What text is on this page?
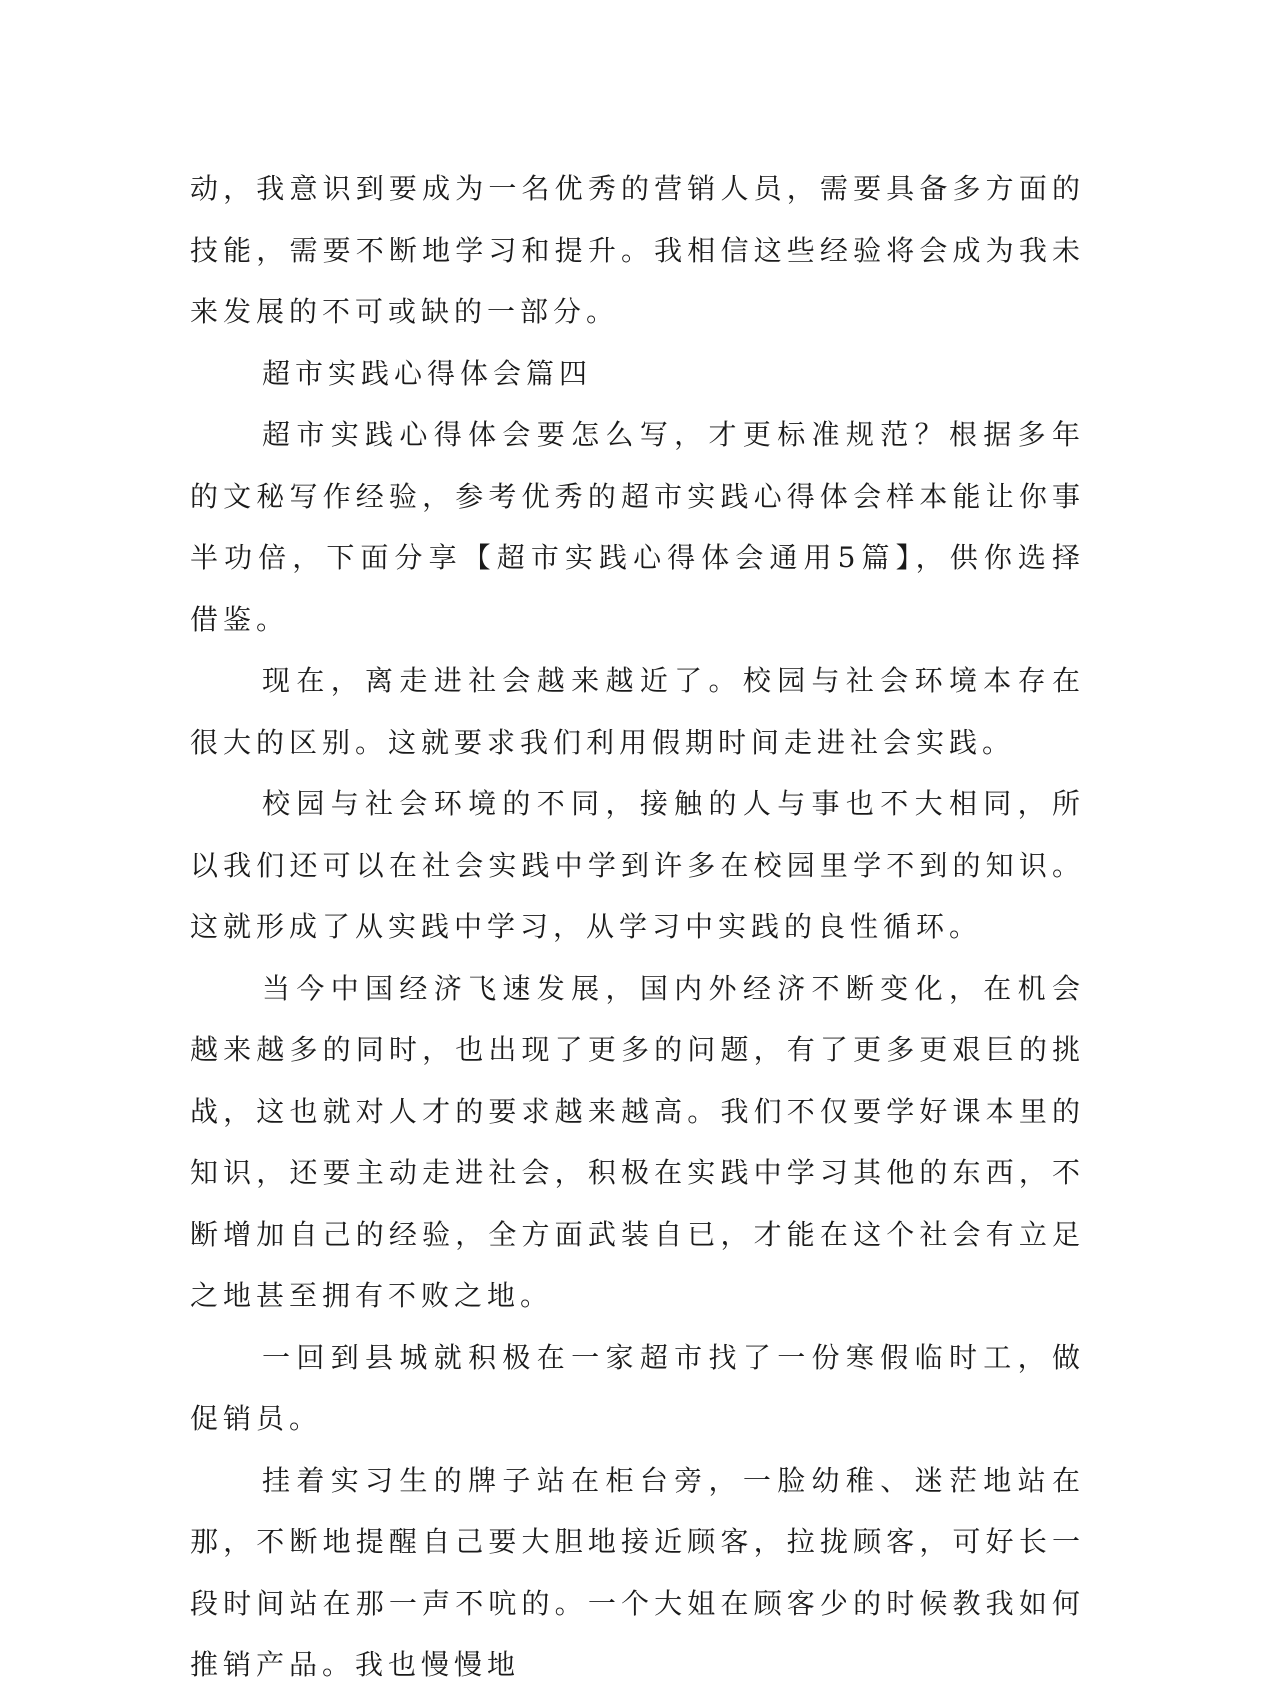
动，我意识到要成为一名优秀的营销人员，需要具备多方面的技能，需要不断地学习和提升。我相信这些经验将会成为我未来发展的不可或缺的一部分。

超市实践心得体会篇四

超市实践心得体会要怎么写，才更标准规范？根据多年的文秘写作经验，参考优秀的超市实践心得体会样本能让你事半功倍，下面分享【超市实践心得体会通用5篇】，供你选择借鉴。

现在，离走进社会越来越近了。校园与社会环境本存在很大的区别。这就要求我们利用假期时间走进社会实践。

校园与社会环境的不同，接触的人与事也不大相同，所以我们还可以在社会实践中学到许多在校园里学不到的知识。这就形成了从实践中学习，从学习中实践的良性循环。

当今中国经济飞速发展，国内外经济不断变化，在机会越来越多的同时，也出现了更多的问题，有了更多更艰巨的挑战，这也就对人才的要求越来越高。我们不仅要学好课本里的知识，还要主动走进社会，积极在实践中学习其他的东西，不断增加自己的经验，全方面武装自已，才能在这个社会有立足之地甚至拥有不败之地。

一回到县城就积极在一家超市找了一份寒假临时工，做促销员。

挂着实习生的牌子站在柜台旁，一脸幼稚、迷茫地站在那，不断地提醒自己要大胆地接近顾客，拉拢顾客，可好长一段时间站在那一声不吭的。一个大姐在顾客少的时候教我如何推销产品。我也慢慢地
